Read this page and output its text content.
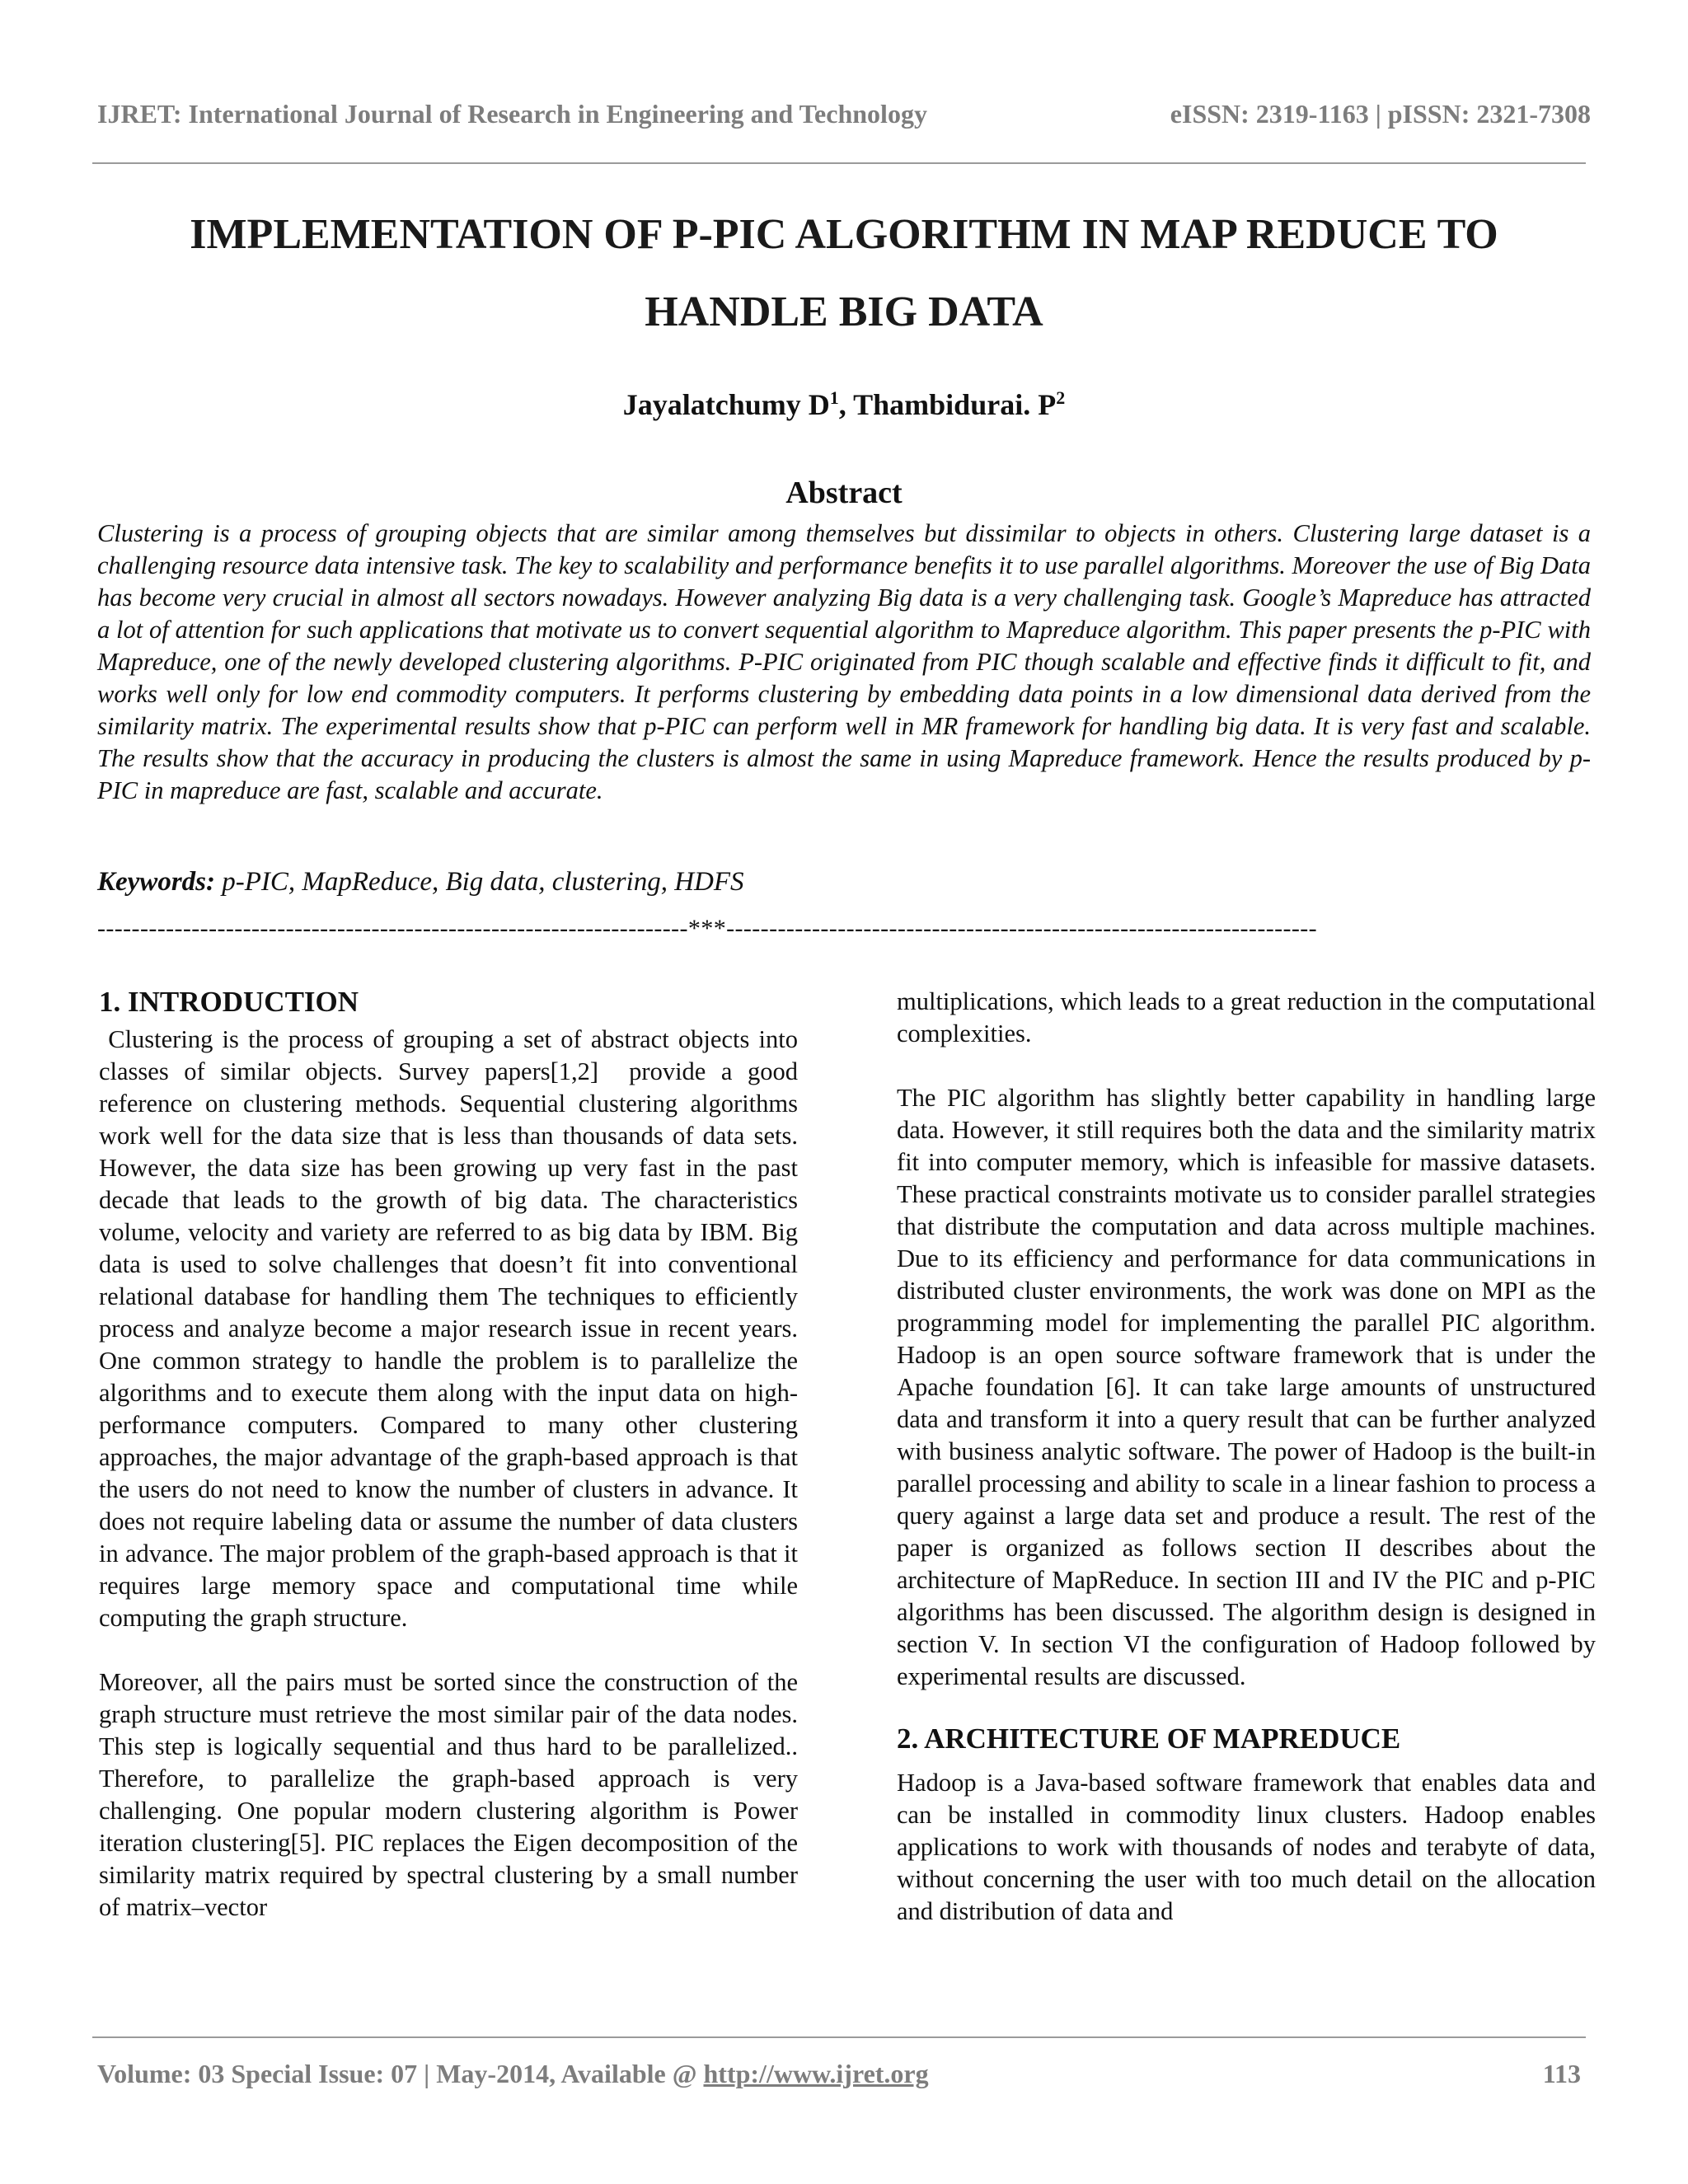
IJRET: International Journal of Research in Engineering and Technology	eISSN: 2319-1163 | pISSN: 2321-7308
IMPLEMENTATION OF P-PIC ALGORITHM IN MAP REDUCE TO
HANDLE BIG DATA
Jayalatchumy $D^1$, Thambidurai. $P^2$
Abstract
Clustering is a process of grouping objects that are similar among themselves but dissimilar to objects in others. Clustering large dataset is a challenging resource data intensive task. The key to scalability and performance benefits it to use parallel algorithms. Moreover the use of Big Data has become very crucial in almost all sectors nowadays. However analyzing Big data is a very challenging task. Google’s Mapreduce has attracted a lot of attention for such applications that motivate us to convert sequential algorithm to Mapreduce algorithm. This paper presents the p-PIC with Mapreduce, one of the newly developed clustering algorithms. P-PIC originated from PIC though scalable and effective finds it difficult to fit, and works well only for low end commodity computers. It performs clustering by embedding data points in a low dimensional data derived from the similarity matrix. The experimental results show that p-PIC can perform well in MR framework for handling big data. It is very fast and scalable. The results show that the accuracy in producing the clusters is almost the same in using Mapreduce framework. Hence the results produced by p-PIC in mapreduce are fast, scalable and accurate.
Keywords: p-PIC, MapReduce, Big data, clustering, HDFS
---------------------------------------------------------------------***---------------------------------------------------------------------
1. INTRODUCTION

Clustering is the process of grouping a set of abstract objects into classes of similar objects. Survey papers[1,2]  provide a good reference on clustering methods. Sequential clustering algorithms work well for the data size that is less than thousands of data sets. However, the data size has been growing up very fast in the past decade that leads to the growth of big data. The characteristics volume, velocity and variety are referred to as big data by IBM. Big data is used to solve challenges that doesn’t fit into conventional relational database for handling them The techniques to efficiently process and analyze become a major research issue in recent years. One common strategy to handle the problem is to parallelize the algorithms and to execute them along with the input data on high-performance computers. Compared to many other clustering approaches, the major advantage of the graph-based approach is that the users do not need to know the number of clusters in advance. It does not require labeling data or assume the number of data clusters in advance. The major problem of the graph-based approach is that it requires large memory space and computational time while computing the graph structure.

Moreover, all the pairs must be sorted since the construction of the graph structure must retrieve the most similar pair of the data nodes. This step is logically sequential and thus hard to be parallelized.. Therefore, to parallelize the graph-based approach is very challenging. One popular modern clustering algorithm is Power iteration clustering[5]. PIC replaces the Eigen decomposition of the similarity matrix required by spectral clustering by a small number of matrix–vector

multiplications, which leads to a great reduction in the computational complexities.

The PIC algorithm has slightly better capability in handling large data. However, it still requires both the data and the similarity matrix fit into computer memory, which is infeasible for massive datasets. These practical constraints motivate us to consider parallel strategies that distribute the computation and data across multiple machines. Due to its efficiency and performance for data communications in distributed cluster environments, the work was done on MPI as the programming model for implementing the parallel PIC algorithm. Hadoop is an open source software framework that is under the Apache foundation [6]. It can take large amounts of unstructured data and transform it into a query result that can be further analyzed with business analytic software. The power of Hadoop is the built-in parallel processing and ability to scale in a linear fashion to process a query against a large data set and produce a result. The rest of the paper is organized as follows section II describes about the architecture of MapReduce. In section III and IV the PIC and p-PIC algorithms has been discussed. The algorithm design is designed in section V. In section VI the configuration of Hadoop followed by experimental results are discussed.

2. ARCHITECTURE OF MAPREDUCE

Hadoop is a Java-based software framework that enables data and can be installed in commodity linux clusters. Hadoop enables applications to work with thousands of nodes and terabyte of data, without concerning the user with too much detail on the allocation and distribution of data and

Volume: 03 Special Issue: 07 | May-2014, Available @ http://www.ijret.org	113
